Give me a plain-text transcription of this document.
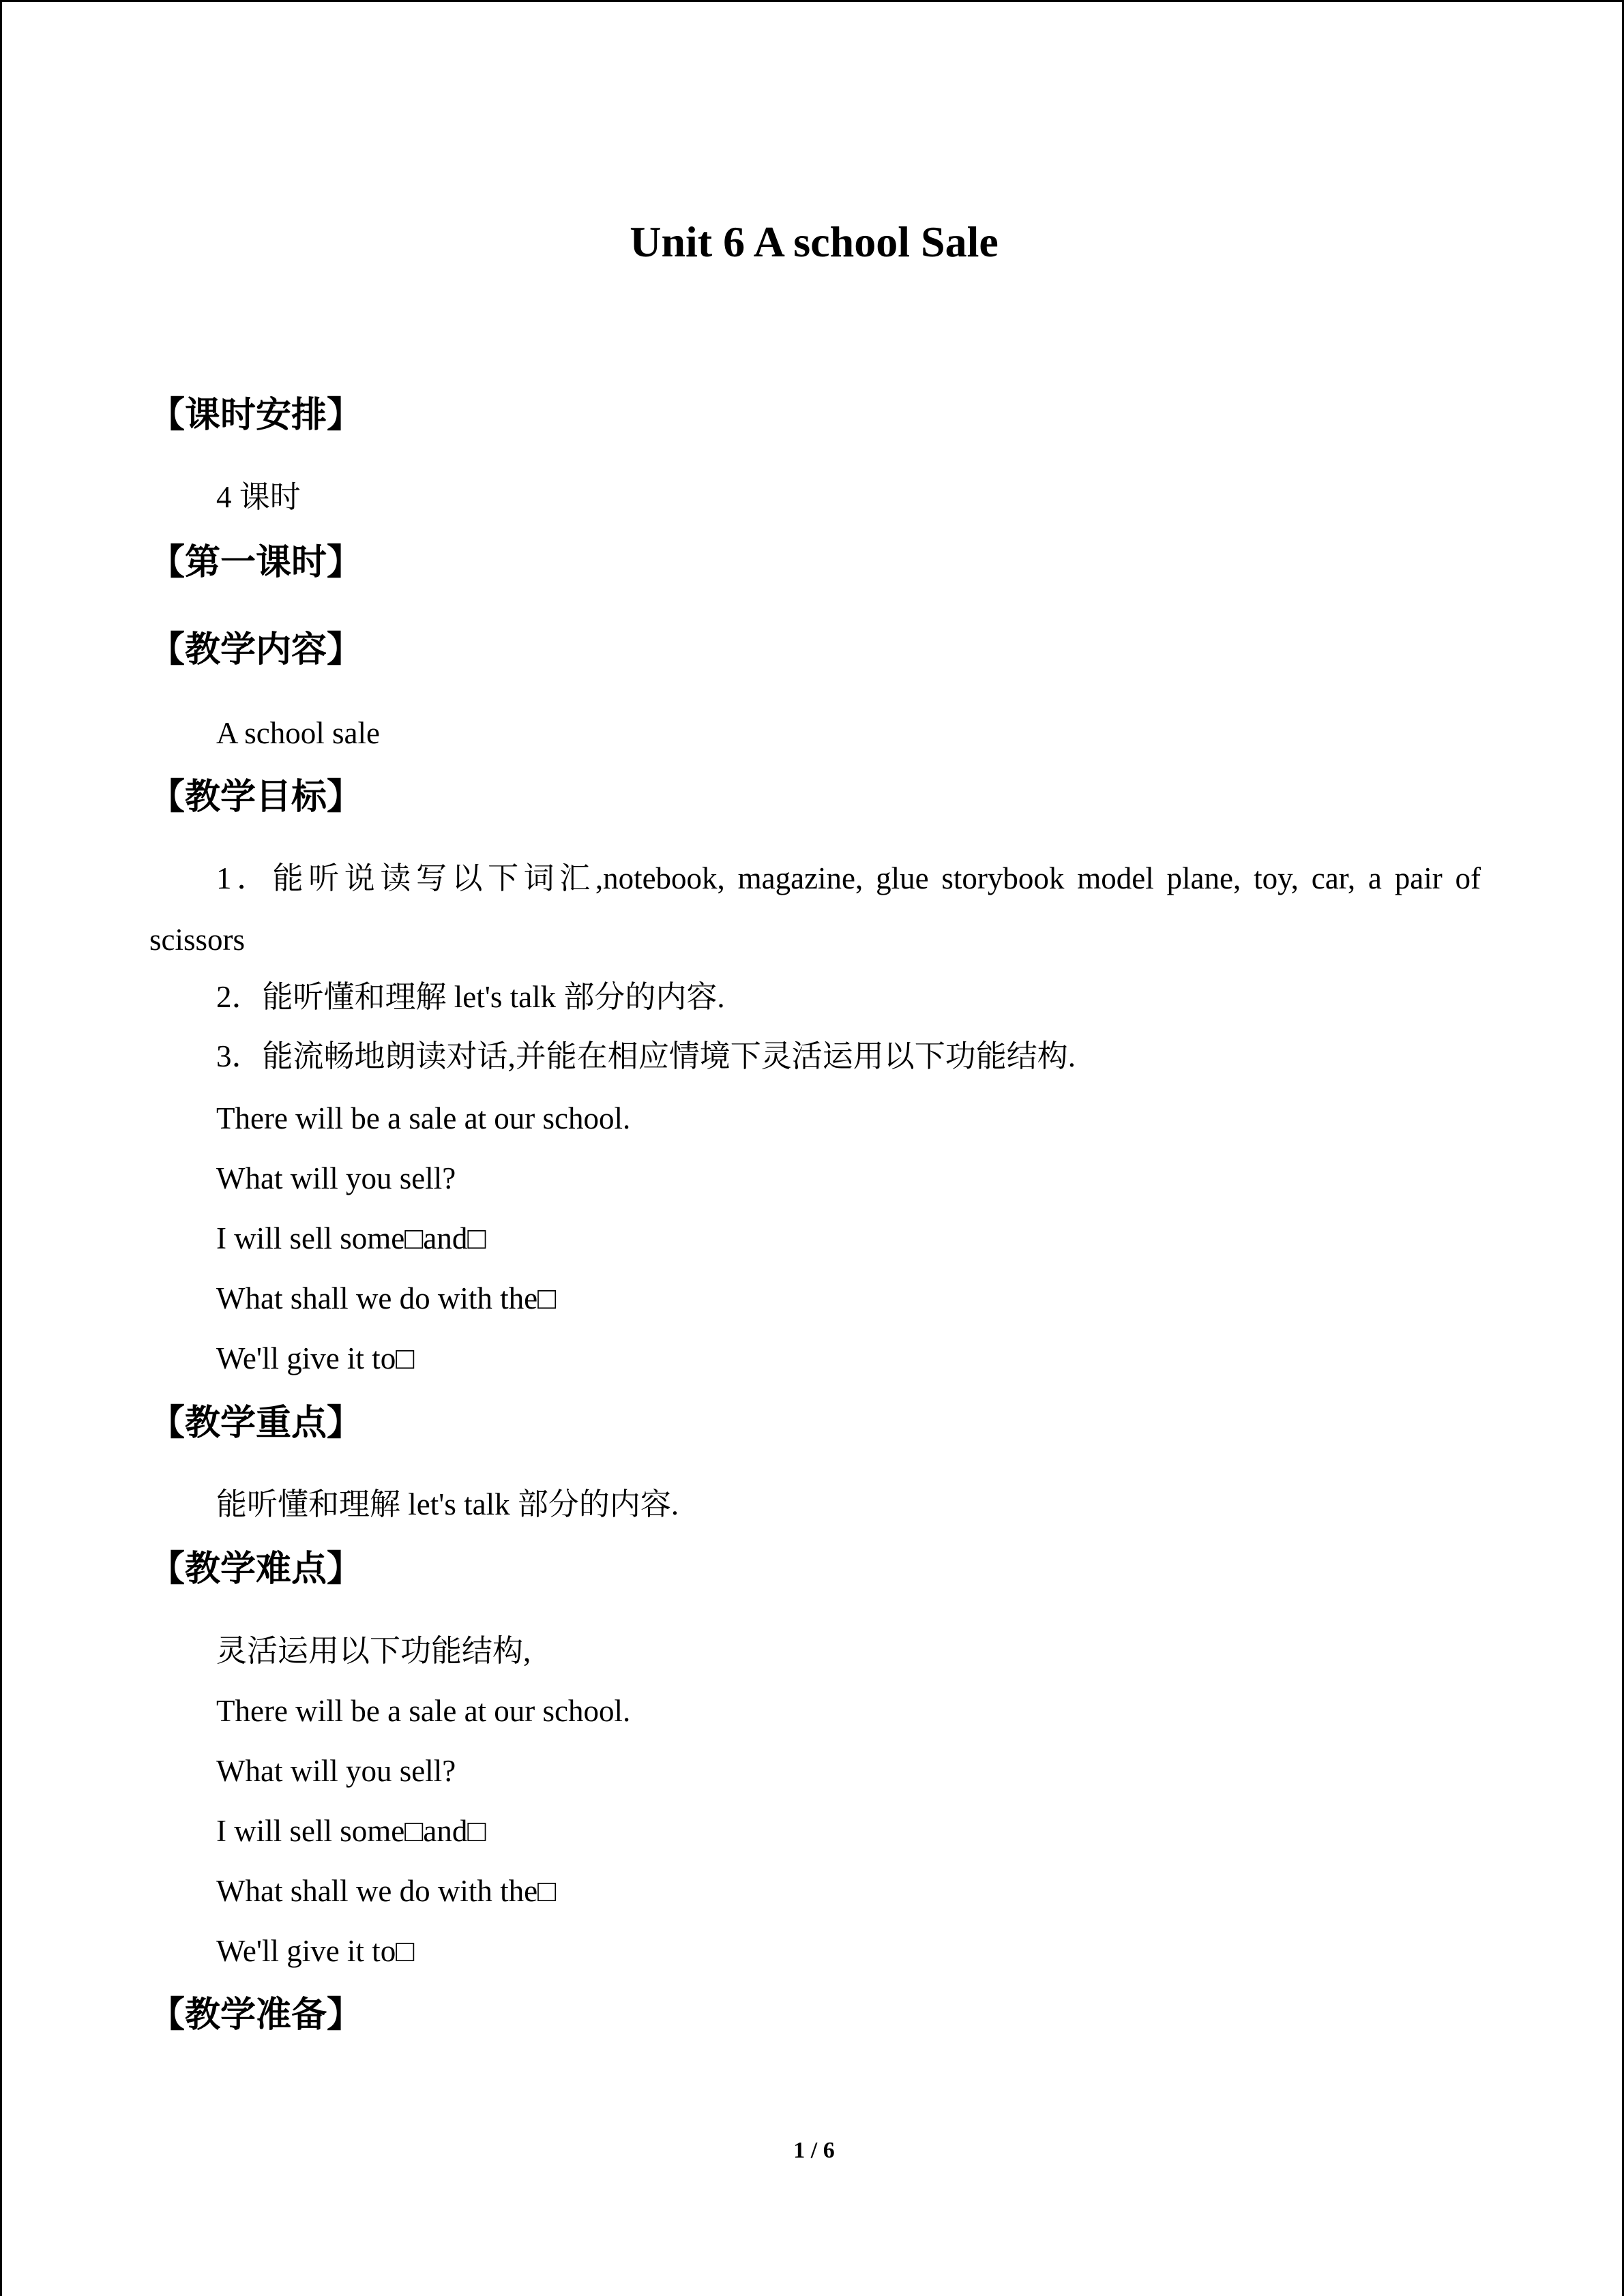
Unit 6 A school Sale
【课时安排】
4 课时
【第一课时】
【教学内容】
A school sale
【教学目标】
1．能听说读写以下词汇,notebook, magazine, glue storybook model plane, toy, car, a pair of
scissors
2．能听懂和理解 let's talk 部分的内容.
3．能流畅地朗读对话,并能在相应情境下灵活运用以下功能结构.
There will be a sale at our school.
What will you sell?
I will sell some□and□
What shall we do with the□
We'll give it to□
【教学重点】
能听懂和理解 let's talk 部分的内容.
【教学难点】
灵活运用以下功能结构,
There will be a sale at our school.
What will you sell?
I will sell some□and□
What shall we do with the□
We'll give it to□
【教学准备】
1 / 6
